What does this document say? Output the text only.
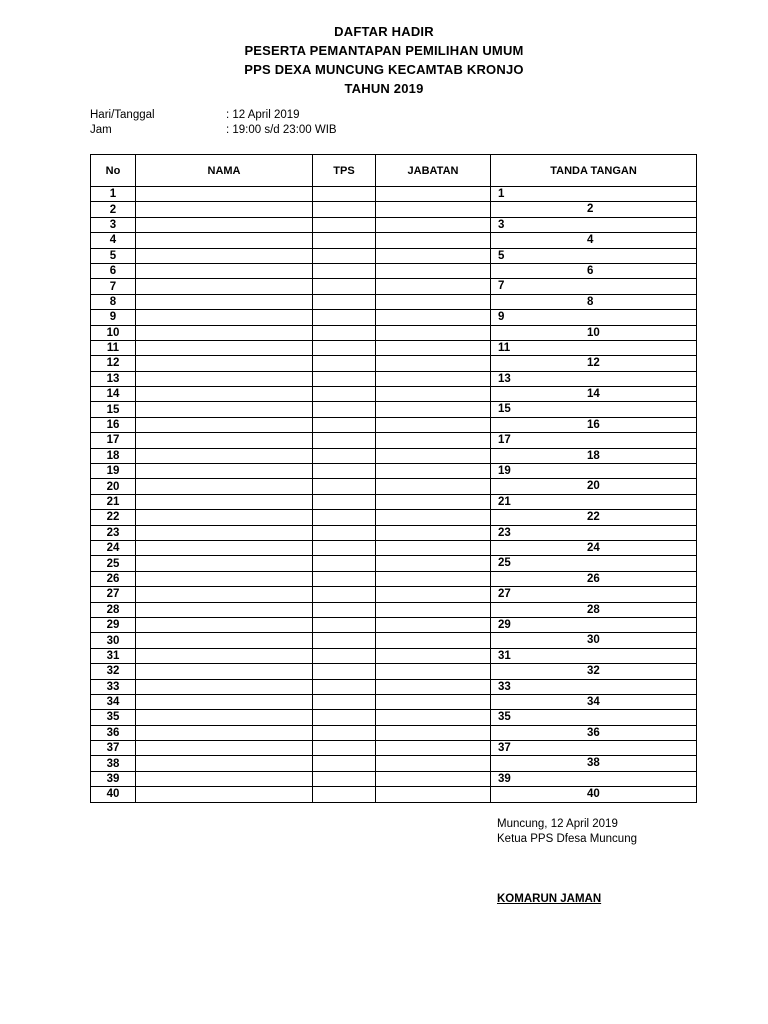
DAFTAR HADIR
PESERTA PEMANTAPAN PEMILIHAN UMUM
PPS DEXA MUNCUNG KECAMTAB KRONJO
TAHUN 2019
Hari/Tanggal	: 12 April 2019
Jam	: 19:00 s/d 23:00 WIB
No	NAMA	TPS	JABATAN	TANDA TANGAN
1				1

2				2

3				3

4				4

5				5

6				6

7				7

8				8

9				9

10				10

11				11

12				12

13				13

14				14

15				15

16				16

17				17

18				18

19				19

20				20

21				21

22				22

23				23

24				24

25				25

26				26

27				27

28				28

29				29

30				30

31				31

32				32

33				33

34				34

35				35

36				36

37				37

38				38

39				39

40				40
Muncung, 12 April 2019
Ketua PPS Dfesa Muncung
KOMARUN JAMAN
